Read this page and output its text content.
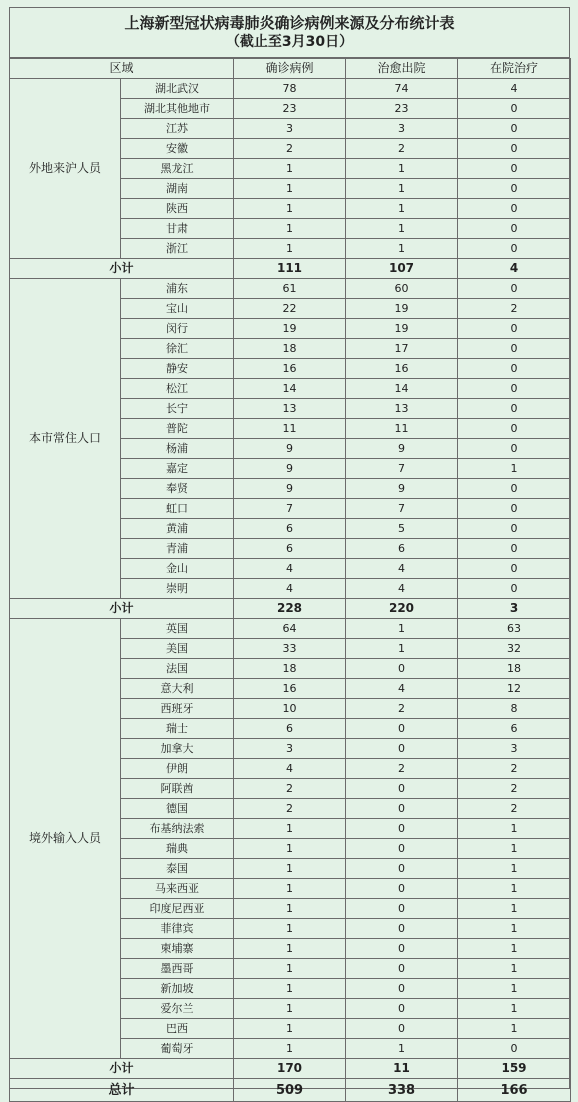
上海新型冠状病毒肺炎确诊病例来源及分布统计表
（截止至3月30日）
区域		确诊病例	治愈出院	在院治疗
外地来沪人员	湖北武汉	78	74	4
	湖北其他地市	23	23	0
	江苏	3	3	0
	安徽	2	2	0
	黑龙江	1	1	0
	湖南	1	1	0
	陕西	1	1	0
	甘肃	1	1	0
	浙江	1	1	0
小计		111	107	4
本市常住人口	浦东	61	60	0
	宝山	22	19	2
	闵行	19	19	0
	徐汇	18	17	0
	静安	16	16	0
	松江	14	14	0
	长宁	13	13	0
	普陀	11	11	0
	杨浦	9	9	0
	嘉定	9	7	1
	奉贤	9	9	0
	虹口	7	7	0
	黄浦	6	5	0
	青浦	6	6	0
	金山	4	4	0
	崇明	4	4	0
小计		228	220	3
境外输入人员	英国	64	1	63
	美国	33	1	32
	法国	18	0	18
	意大利	16	4	12
	西班牙	10	2	8
	瑞士	6	0	6
	加拿大	3	0	3
	伊朗	4	2	2
	阿联酋	2	0	2
	德国	2	0	2
	布基纳法索	1	0	1
	瑞典	1	0	1
	泰国	1	0	1
	马来西亚	1	0	1
	印度尼西亚	1	0	1
	菲律宾	1	0	1
	柬埔寨	1	0	1
	墨西哥	1	0	1
	新加坡	1	0	1
	爱尔兰	1	0	1
	巴西	1	0	1
	葡萄牙	1	1	0
小计		170	11	159
总计		509	338	166
